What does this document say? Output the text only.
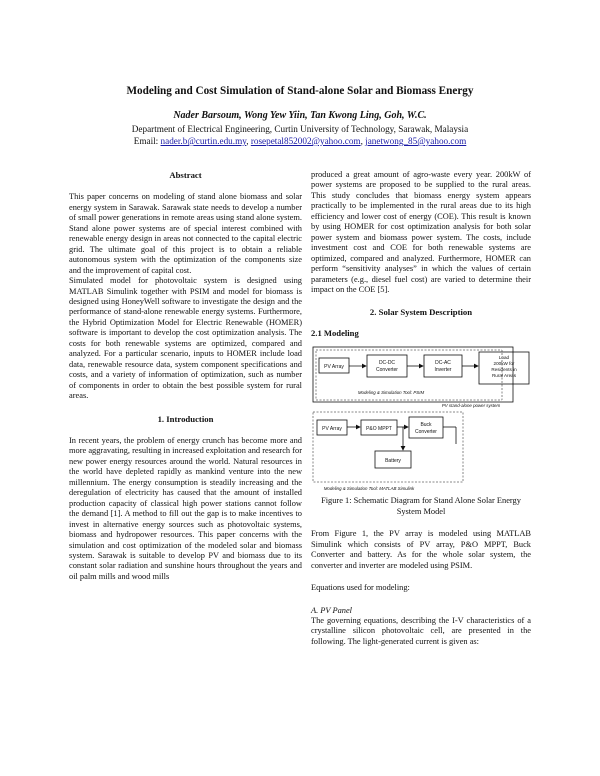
Modeling and Cost Simulation of Stand-alone Solar and Biomass Energy
Nader Barsoum, Wong Yew Yiin, Tan Kwong Ling, Goh, W.C.
Department of Electrical Engineering, Curtin University of Technology, Sarawak, Malaysia
Email: nader.b@curtin.edu.my, rosepetal852002@yahoo.com, janetwong_85@yahoo.com

Abstract

This paper concerns on modeling of stand alone biomass and solar energy system in Sarawak. Sarawak state needs to develop a number of small power generations in remote areas using stand alone system. Stand alone power systems are of special interest combined with renewable energy design in areas not connected to the capital electric grid. The ultimate goal of this project is to obtain a reliable autonomous system with the optimization of the components size and the improvement of capital cost.

Simulated model for photovoltaic system is designed using MATLAB Simulink together with PSIM and model for biomass is designed using HoneyWell software to investigate the design and the performance of stand-alone renewable energy systems. Furthermore, the Hybrid Optimization Model for Electric Renewable (HOMER) software is important to develop the cost optimization analysis. The costs for both renewable systems are optimized, compared and analyzed. For a particular scenario, inputs to HOMER include load data, renewable resource data, system component specifications and costs, and a variety of information of optimization, such as number of components in order to obtain the best possible system for rural areas.

1. Introduction

In recent years, the problem of energy crunch has become more and more aggravating, resulting in increased exploitation and research for new power energy resources around the world. Natural resources in the world have depleted rapidly as mankind venture into the new millennium. The energy consumption is steadily increasing and the deregulation of electricity has caused that the amount of installed production capacity of classical high power stations cannot follow the demand [1]. A method to fill out the gap is to make incentives to invest in alternative energy sources such as photovoltaic systems, biomass and hydropower resources. This paper concerns with the simulation and cost optimization of the modeled solar and biomass system. Sarawak is suitable to develop PV and biomass due to its constant solar radiation and sunshine hours throughout the years and oil palm mills and wood mills

produced a great amount of agro-waste every year. 200kW of power systems are proposed to be supplied to the rural areas. This study concludes that biomass energy system appears practically to be implemented in the rural areas due to its high efficiency and lower cost of energy (COE). This result is known by using HOMER for cost optimization analysis for both solar power system and biomass power system. The costs, include investment cost and COE for both renewable systems are optimized, compared and analyzed. Furthermore, HOMER can perform “sensitivity analyses” in which the values of certain parameters (e.g., diesel fuel cost) are varied to determine their impact on the COE [5].

2. Solar System Description

2.1 Modeling

PV Array
DC-DC
Converter
DC-AC
Inverter
Load
200kW for
Residents in
Rural Areas
Modeling & Simulation Tool: PSIM
PV stand-alone power system
PV Array	P&O MPPT
Buck
Converter
Battery
Modeling & Simulation Tool: MATLAB Simulink

Figure 1: Schematic Diagram for Stand Alone Solar Energy System Model

From Figure 1, the PV array is modeled using MATLAB Simulink which consists of PV array, P&O MPPT, Buck Converter and battery. As for the whole solar system, the converter and inverter are modeled using PSIM.

Equations used for modeling:

A. PV Panel

The governing equations, describing the I-V characteristics of a crystalline silicon photovoltaic cell, are presented in the following. The light-generated current is given as:
